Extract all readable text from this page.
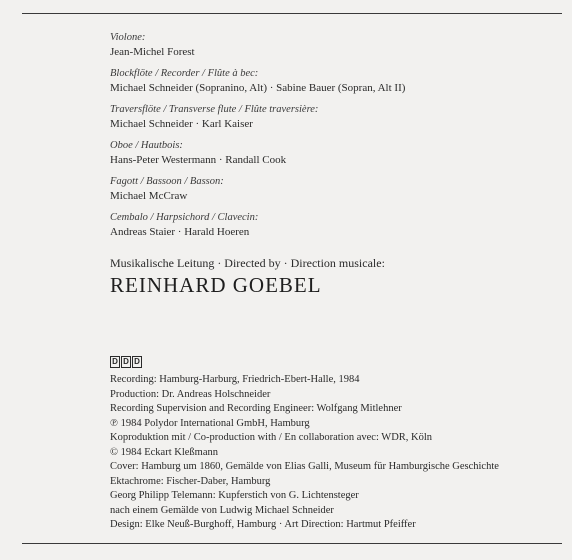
Violone:
Jean-Michel Forest
Blockflöte / Recorder / Flûte à bec:
Michael Schneider (Sopranino, Alt) · Sabine Bauer (Sopran, Alt II)
Traversflöte / Transverse flute / Flûte traversière:
Michael Schneider · Karl Kaiser
Oboe / Hautbois:
Hans-Peter Westermann · Randall Cook
Fagott / Bassoon / Basson:
Michael McCraw
Cembalo / Harpsichord / Clavecin:
Andreas Staier · Harald Hoeren
Musikalische Leitung · Directed by · Direction musicale:
REINHARD GOEBEL
D D D
Recording: Hamburg-Harburg, Friedrich-Ebert-Halle, 1984
Production: Dr. Andreas Holschneider
Recording Supervision and Recording Engineer: Wolfgang Mitlehner
℗ 1984 Polydor International GmbH, Hamburg
Koproduktion mit / Co-production with / En collaboration avec: WDR, Köln
© 1984 Eckart Kleßmann
Cover: Hamburg um 1860, Gemälde von Elias Galli, Museum für Hamburgische Geschichte
Ektachrome: Fischer-Daber, Hamburg
Georg Philipp Telemann: Kupferstich von G. Lichtensteger
nach einem Gemälde von Ludwig Michael Schneider
Design: Elke Neuß-Burghoff, Hamburg · Art Direction: Hartmut Pfeiffer
